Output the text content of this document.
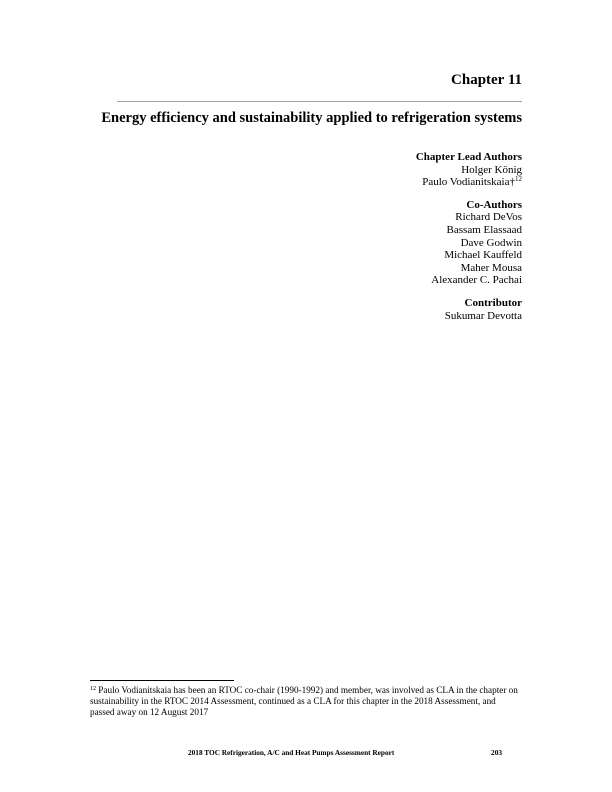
Chapter 11
Energy efficiency and sustainability applied to refrigeration systems
Chapter Lead Authors
Holger König
Paulo Vodianitskaia†$^{12}$
Co-Authors
Richard DeVos
Bassam Elassaad
Dave Godwin
Michael Kauffeld
Maher Mousa
Alexander C. Pachai
Contributor
Sukumar Devotta

$^{12}$ Paulo Vodianitskaia has been an RTOC co-chair (1990-1992) and member, was involved as CLA in the chapter on sustainability in the RTOC 2014 Assessment, continued as a CLA for this chapter in the 2018 Assessment, and passed away on 12 August 2017

2018 TOC Refrigeration, A/C and Heat Pumps Assessment Report	203
